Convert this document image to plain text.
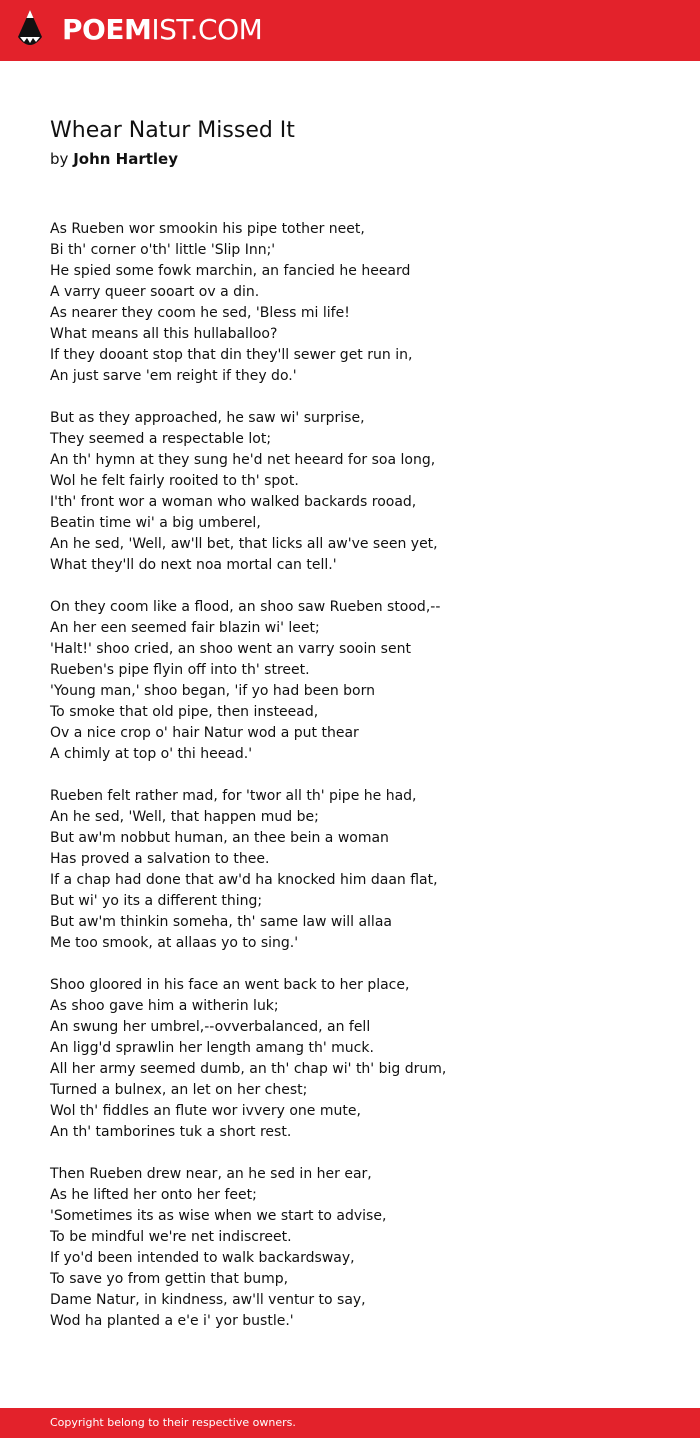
POEMIST.COM
Whear Natur Missed It
by John Hartley
As Rueben wor smookin his pipe tother neet,
Bi th' corner o'th' little 'Slip Inn;'
He spied some fowk marchin, an fancied he heeard
A varry queer sooart ov a din.
As nearer they coom he sed, 'Bless mi life!
What means all this hullaballoo?
If they dooant stop that din they'll sewer get run in,
An just sarve 'em reight if they do.'
But as they approached, he saw wi' surprise,
They seemed a respectable lot;
An th' hymn at they sung he'd net heeard for soa long,
Wol he felt fairly rooited to th' spot.
I'th' front wor a woman who walked backards rooad,
Beatin time wi' a big umberel,
An he sed, 'Well, aw'll bet, that licks all aw've seen yet,
What they'll do next noa mortal can tell.'
On they coom like a flood, an shoo saw Rueben stood,--
An her een seemed fair blazin wi' leet;
'Halt!' shoo cried, an shoo went an varry sooin sent
Rueben's pipe flyin off into th' street.
'Young man,' shoo began, 'if yo had been born
To smoke that old pipe, then insteead,
Ov a nice crop o' hair Natur wod a put thear
A chimly at top o' thi heead.'
Rueben felt rather mad, for 'twor all th' pipe he had,
An he sed, 'Well, that happen mud be;
But aw'm nobbut human, an thee bein a woman
Has proved a salvation to thee.
If a chap had done that aw'd ha knocked him daan flat,
But wi' yo its a different thing;
But aw'm thinkin someha, th' same law will allaa
Me too smook, at allaas yo to sing.'
Shoo gloored in his face an went back to her place,
As shoo gave him a witherin luk;
An swung her umbrel,--ovverbalanced, an fell
An ligg'd sprawlin her length amang th' muck.
All her army seemed dumb, an th' chap wi' th' big drum,
Turned a bulnex, an let on her chest;
Wol th' fiddles an flute wor ivvery one mute,
An th' tamborines tuk a short rest.
Then Rueben drew near, an he sed in her ear,
As he lifted her onto her feet;
'Sometimes its as wise when we start to advise,
To be mindful we're net indiscreet.
If yo'd been intended to walk backardsway,
To save yo from gettin that bump,
Dame Natur, in kindness, aw'll ventur to say,
Wod ha planted a e'e i' yor bustle.'
Copyright belong to their respective owners.
